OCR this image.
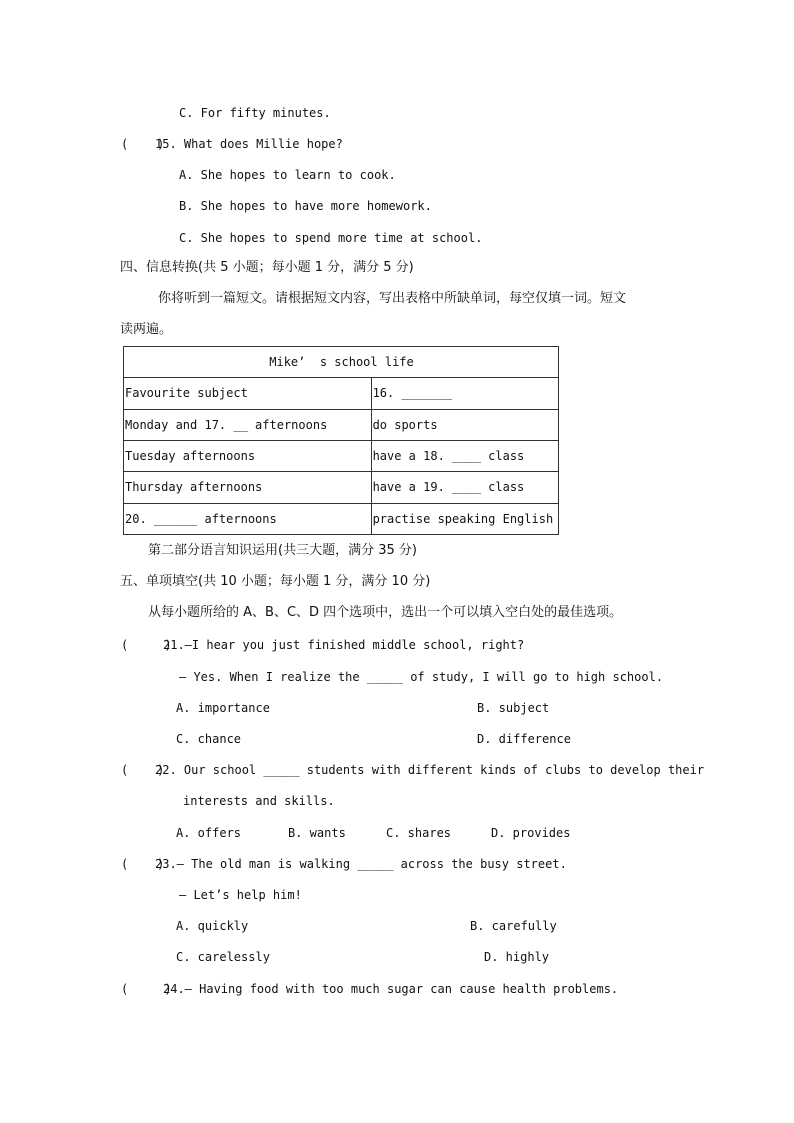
C. For fifty minutes.
(    )
15. What does Millie hope?
A. She hopes to learn to cook.
B. She hopes to have more homework.
C. She hopes to spend more time at school.
四、信息转换(共 5 小题；每小题 1 分，满分 5 分)
你将听到一篇短文。请根据短文内容，写出表格中所缺单词，每空仅填一词。短文
读两遍。
Mike’  s school life	
Favourite subject	16. _______
Monday and 17. __ afternoons	do sports
Tuesday afternoons	have a 18. ____ class
Thursday afternoons	have a 19. ____ class
20. ______ afternoons	practise speaking English
第二部分语言知识运用(共三大题，满分 35 分)
五、单项填空(共 10 小题；每小题 1 分，满分 10 分)
从每小题所给的 A、B、C、D 四个选项中，选出一个可以填入空白处的最佳选项。
(     )
21.—I hear you just finished middle school, right?
— Yes. When I realize the _____ of study, I will go to high school.
A. importance	B. subject
C. chance	D. difference
(    )
22. Our school _____ students with different kinds of clubs to develop their
interests and skills.
A. offers	B. wants	C. shares	D. provides
(    )
23.— The old man is walking _____ across the busy street.
— Let’s help him!
A. quickly	B. carefully
C. carelessly	D. highly
(     )
24.— Having food with too much sugar can cause health problems.
